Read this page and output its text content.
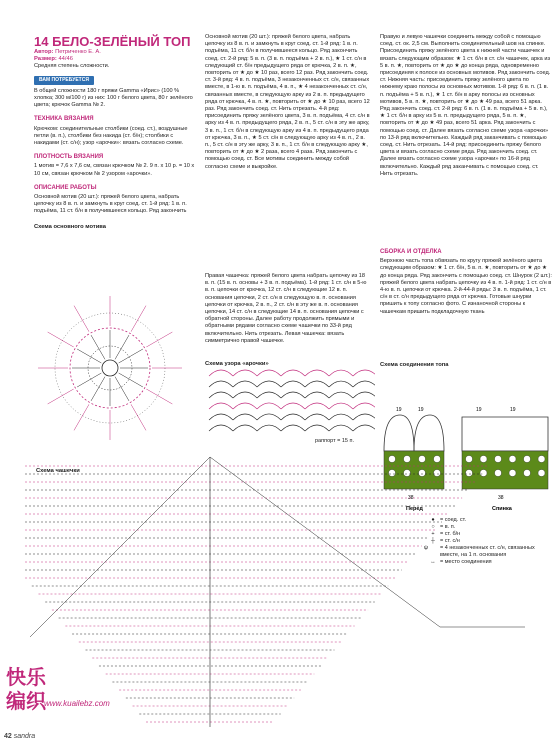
14 БЕЛО-ЗЕЛЁНЫЙ ТОП
Автор: Петриченко Е. А.
Размер: 44/46
Средняя степень сложности.
ВАМ ПОТРЕБУЕТСЯ

В общей сложности 180 г пряжи Gamma «Ирис» (100 % хлопка; 300 м/100 г) из них: 100 г белого цвета, 80 г зелёного цвета; крючок Gamma № 2.

ТЕХНИКА ВЯЗАНИЯ

Крючком: соединительные столбики (соед. ст.), воздушные петли (в. п.), столбики без накида (ст. б/н); столбики с накидами (ст. с/н); узор «арочки»: вязать согласно схеме.

ПЛОТНОСТЬ ВЯЗАНИЯ

1 мотив = 7,6 х 7,6 см, связан крючком № 2. 9 п. х 10 р. = 10 х 10 см, связан крючком № 2 узором «арочки».

ОПИСАНИЕ РАБОТЫ

Основной мотив (20 шт.): пряжей белого цвета, набрать цепочку из 8 в. п. и замкнуть в круг соед. ст. 1-й ряд: 1 в. п. подъёма, 11 ст. б/н в получившееся кольцо. Ряд закончить

Схема основного мотива

Основной мотив (20 шт.): пряжей белого цвета, набрать цепочку из 8 в. п. и замкнуть в круг соед. ст. 1-й ряд: 1 в. п. подъёма, 11 ст. б/н в получившееся кольцо. Ряд закончить соед. ст. 2-й ряд: 5 в. п. (3 в. п. подъёма + 2 в. п.), ★ 1 ст. с/н в следующий ст. б/н предыдущего ряда от крючка, 2 в. п. ★, повторить от ★ до ★ 10 раз, всего 12 раз. Ряд закончить соед. ст. 3-й ряд: 4 в. п. подъёма, 3 незаконченных ст. с/н, связанных вместе, в 1-ю в. п. подъёма, 4 в. п., ★ 4 незаконченных ст. с/н, связанных вместе, в следующую арку из 2 в. п. предыдущего ряда от крючка, 4 в. п. ★, повторить от ★ до ★ 10 раз, всего 12 раз. Ряд закончить соед. ст. Нить отрезать. 4-й ряд: присоединить пряжу зелёного цвета, 3 в. п. подъёма, 4 ст. с/н в арку из 4 в. п. предыдущего ряда, 2 в. п., 5 ст. с/н в эту же арку, 3 в. п., 1 ст. б/н в следующую арку из 4 в. п. предыдущего ряда от крючка, 3 в. п., ★ 5 ст. с/н в следующую арку из 4 в. п., 2 в. п., 5 ст. с/н в эту же арку, 3 в. п., 1 ст. б/н в следующую арку ★, повторить от ★ до ★ 2 раза, всего 4 раза. Ряд закончить с помощью соед. ст. Все мотивы соединить между собой согласно схеме и выкройке.

Правая чашечка: пряжей белого цвета набрать цепочку из 18 в. п. (15 в. п. основы + 3 в. п. подъёма). 1-й ряд: 1 ст. с/н в 5-ю в. п. цепочки от крючка, 12 ст. с/н в следующие 12 в. п. основания цепочки, 2 ст. с/н в следующую в. п. основания цепочки от крючка, 2 в. п., 2 ст. с/н в эту же в. п. основания цепочки, 14 ст. с/н в следующие 14 в. п. основания цепочки с обратной стороны. Далее работу продолжить прямыми и обратными рядами согласно схеме чашечки по 33-й ряд включительно. Нить отрезать. Левая чашечка: вязать симметрично правой чашечке.

Схема узора «арочки»
раппорт = 15 п.

Правую и левую чашечки соединить между собой с помощью соед. ст. ок. 2,5 см. Выполнить соединительный шов на спинке. Присоединить пряжу зелёного цвета к нижней части чашечек и вязать следующим образом: ★ 1 ст. б/н в ст. с/н чашечек, арка из 5 в. п. ★, повторить от ★ до ★ до конца ряда, одновременно присоединяя к полосе из основных мотивов. Ряд закончить соед. ст. Нижняя часть: присоединить пряжу зелёного цвета по нижнему краю полосы из основных мотивов. 1-й ряд: 6 в. п. (1 в. п. подъёма + 5 в. п.), ★ 1 ст. б/н в арку полосы из основных мотивов, 5 в. п. ★, повторить от ★ до ★ 49 раз, всего 51 арка. Ряд закончить соед. ст. 2-й ряд: 6 в. п. (1 в. п. подъёма + 5 в. п.), ★ 1 ст. б/н в арку из 5 в. п. предыдущего ряда, 5 в. п. ★, повторить от ★ до ★ 49 раз, всего 51 арка. Ряд закончить с помощью соед. ст. Далее вязать согласно схеме узора «арочки» по 13-й ряд включительно. Каждый ряд заканчивать с помощью соед. ст. Нить отрезать. 14-й ряд: присоединить пряжу белого цвета и вязать согласно схеме ряда. Ряд закончить соед. ст. Далее вязать согласно схеме узора «арочки» по 16-й ряд включительно. Каждый ряд заканчивать с помощью соед. ст. Нить отрезать.

СБОРКА И ОТДЕЛКА

Верхнюю часть топа обвязать по кругу пряжей зелёного цвета следующим образом: ★ 1 ст. б/н, 5 в. п. ★, повторить от ★ до ★ до конца ряда. Ряд закончить с помощью соед. ст. Шнурок (2 шт.): пряжей белого цвета набрать цепочку из 4 в. п. 1-й ряд: 1 ст. с/н в 4-ю в. п. цепочки от крючка. 2-й-44-й ряды: 3 в. п. подъёма, 1 ст. с/н в ст. с/н предыдущего ряда от крючка. Готовые шнурки пришить к топу согласно фото. С изнаночной стороны к чашечкам пришить подкладочную ткань

Схема соединения топа
19	19
38
19	19
38
Перед	Спинка
Схема чашечки
● = соед. ст.
○ = в. п.
+ = ст. б/н
┼ = ст. с/н
ψ = 4 незаконченных ст. с/н, связанных вместе, на 1 п. основания
↔ = место соединения
快乐
编织
www.kuailebz.com
42 sandra
